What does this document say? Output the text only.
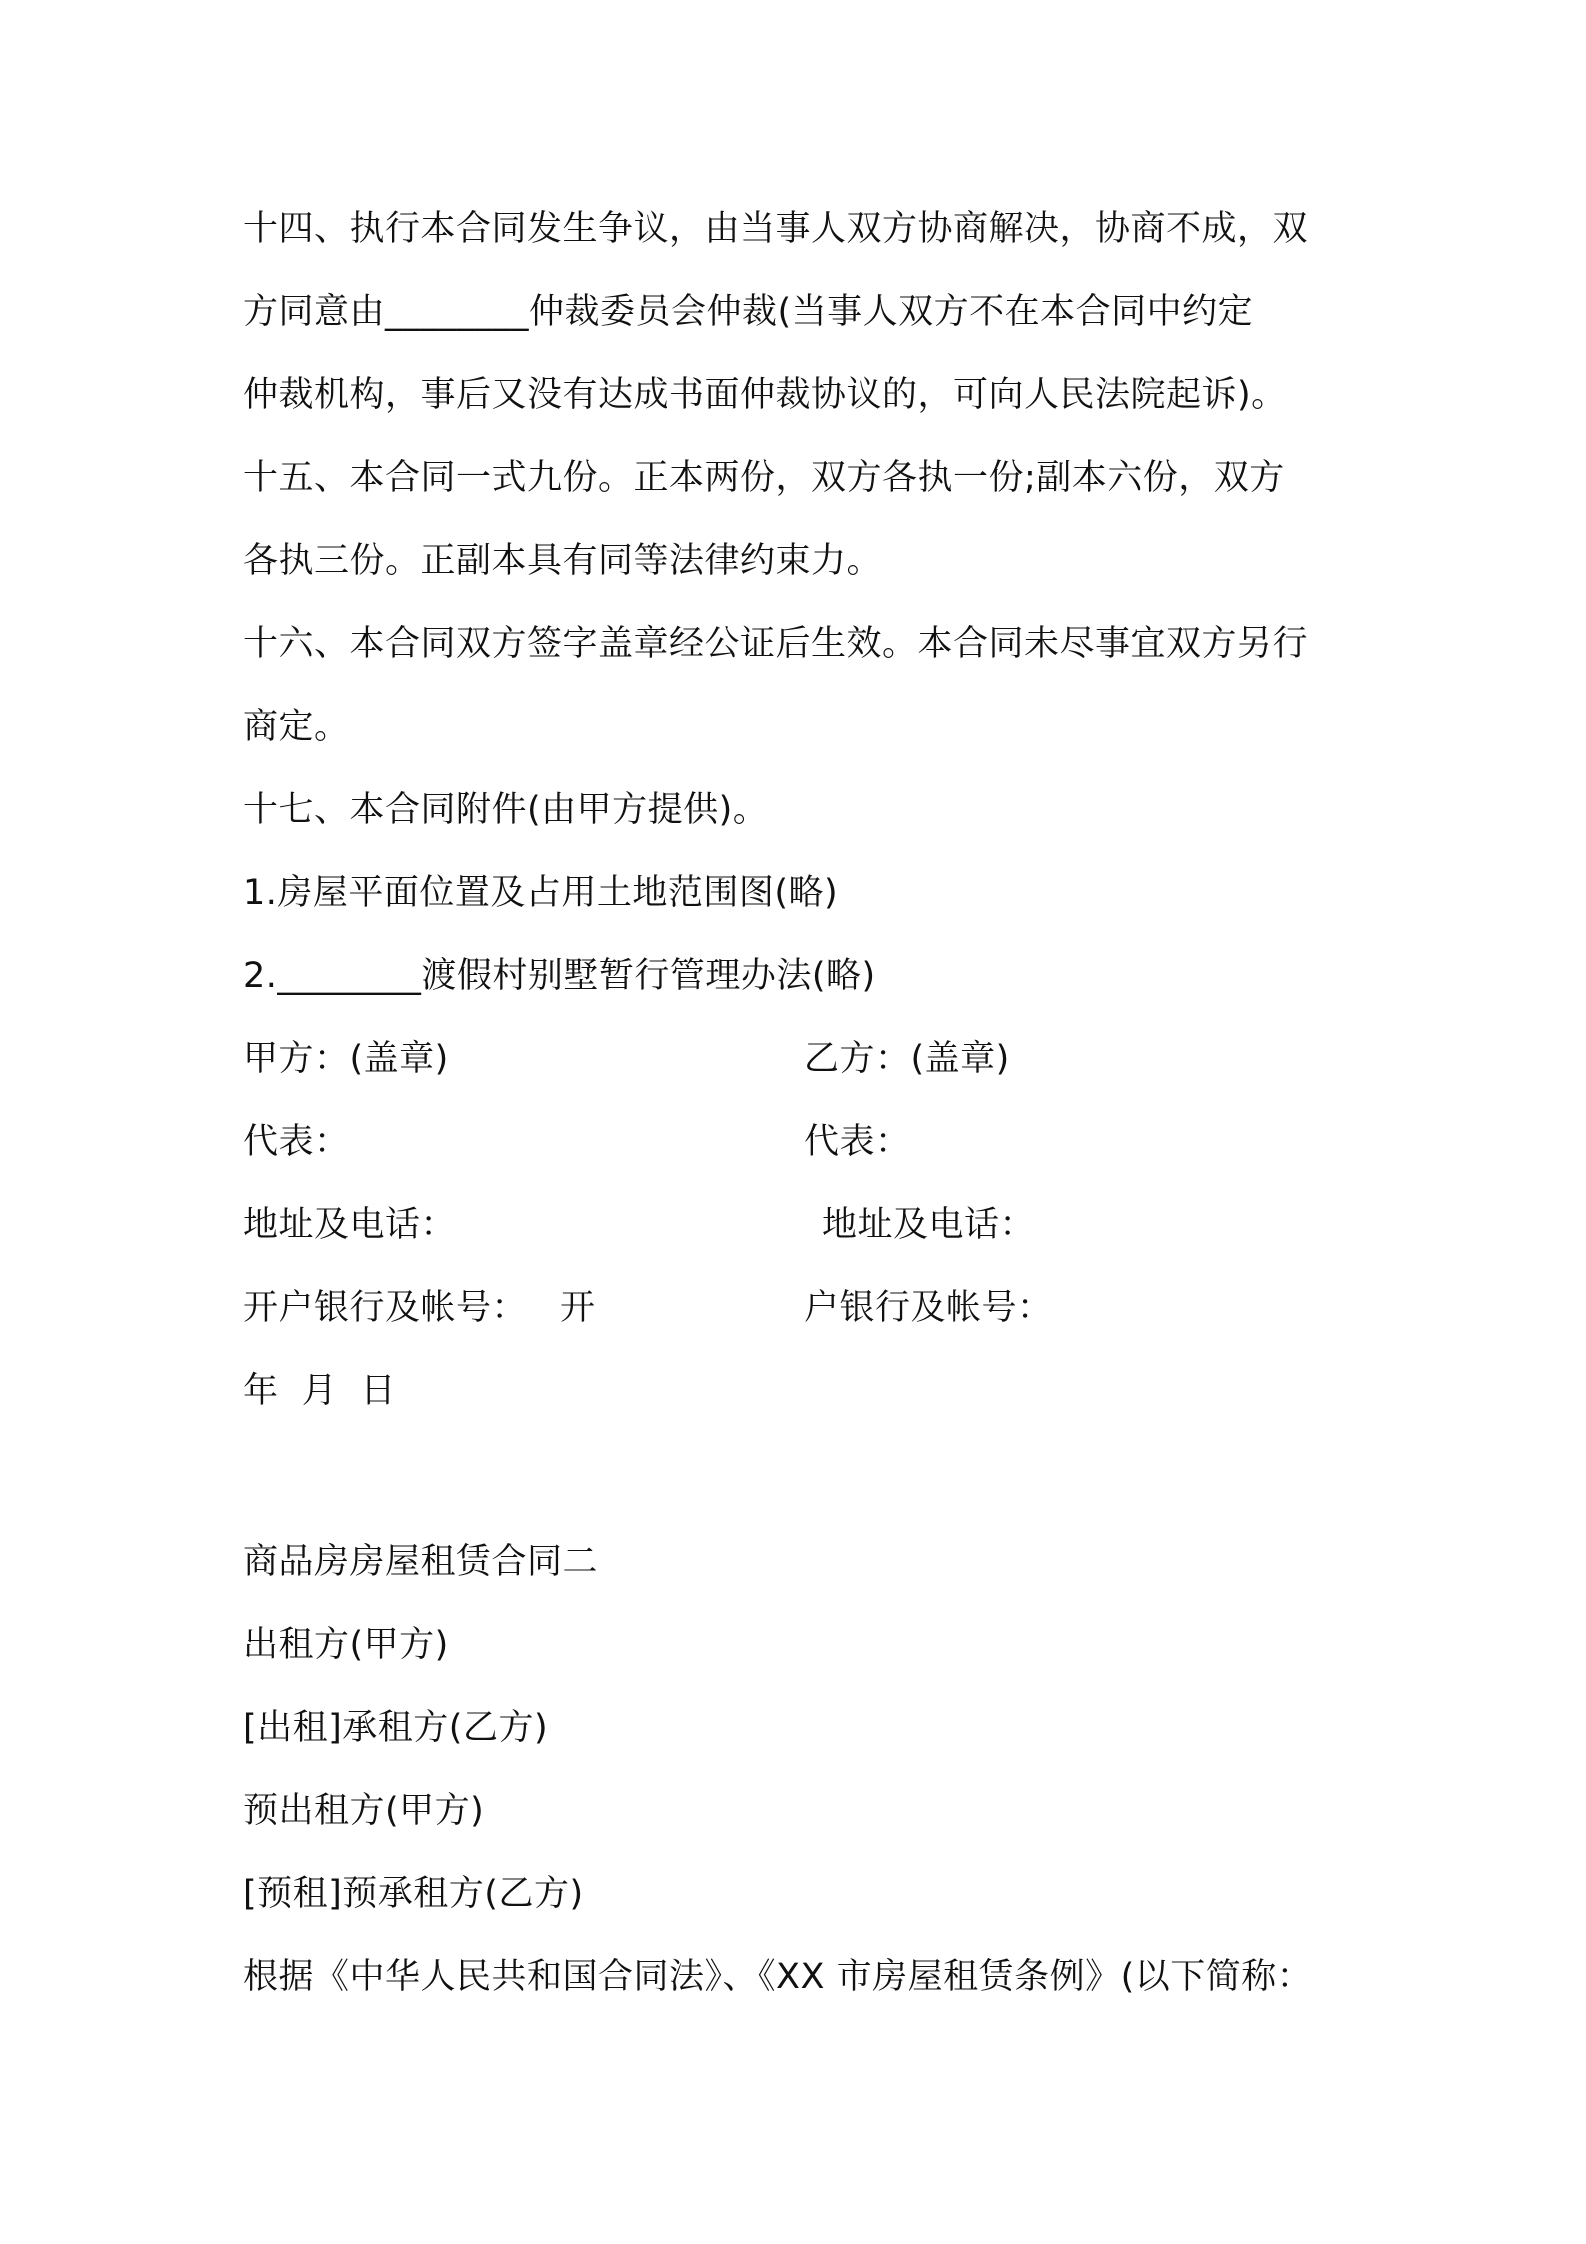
十四、执行本合同发生争议，由当事人双方协商解决，协商不成，双
方同意由________仲裁委员会仲裁(当事人双方不在本合同中约定
仲裁机构，事后又没有达成书面仲裁协议的，可向人民法院起诉)。
十五、本合同一式九份。正本两份，双方各执一份;副本六份，双方
各执三份。正副本具有同等法律约束力。
十六、本合同双方签字盖章经公证后生效。本合同未尽事宜双方另行
商定。
十七、本合同附件(由甲方提供)。
1.房屋平面位置及占用土地范围图(略)
2.________渡假村别墅暂行管理办法(略)
甲方：(盖章)	乙方：(盖章)
代表：	代表：
地址及电话：	地址及电话：
开户银行及帐号： 开	户银行及帐号：
年  月  日
商品房房屋租赁合同二
出租方(甲方)
[出租]承租方(乙方)
预出租方(甲方)
[预租]预承租方(乙方)
根据《中华人民共和国合同法》、《XX 市房屋租赁条例》(以下简称：
